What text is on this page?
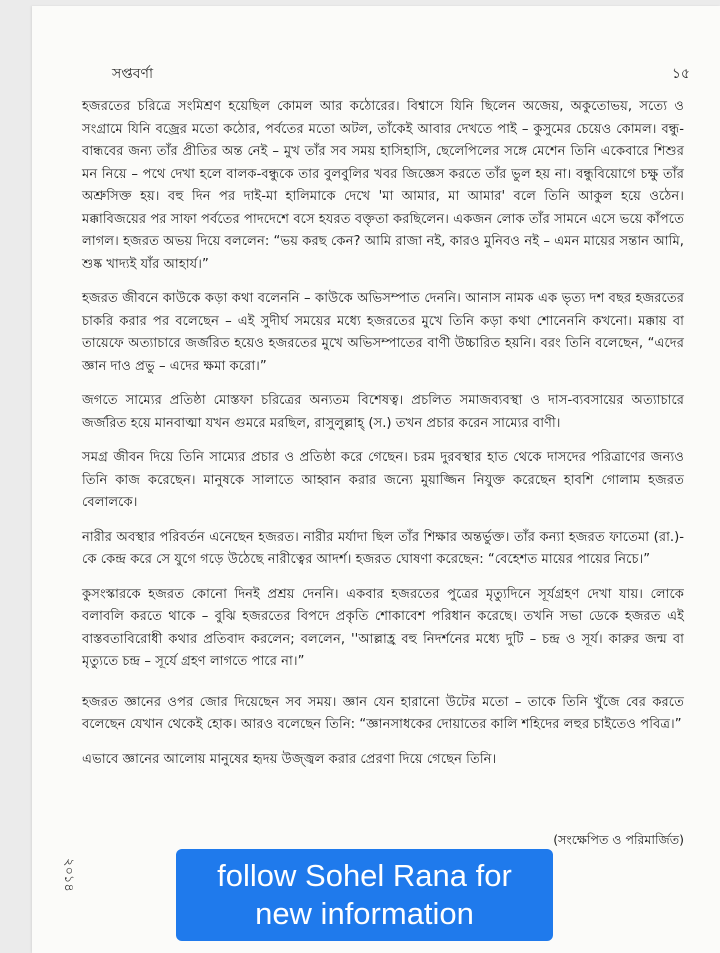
সপ্তবর্ণা	১৫

হজরতের চরিত্রে সংমিশ্রণ হয়েছিল কোমল আর কঠোরের। বিশ্বাসে যিনি ছিলেন অজেয়, অকুতোভয়, সত্যে ও সংগ্রামে যিনি বজ্রের মতো কঠোর, পর্বতের মতো অটল, তাঁকেই আবার দেখতে পাই – কুসুমের চেয়েও কোমল। বন্ধু-বান্ধবের জন্য তাঁর প্রীতির অন্ত নেই – মুখ তাঁর সব সময় হাসিহাসি, ছেলেপিলের সঙ্গে মেশেন তিনি একেবারে শিশুর মন নিয়ে – পথে দেখা হলে বালক-বন্ধুকে তার বুলবুলির খবর জিজ্ঞেস করতে তাঁর ভুল হয় না। বন্ধুবিয়োগে চক্ষু তাঁর অশ্রুসিক্ত হয়। বহু দিন পর দাই-মা হালিমাকে দেখে 'মা আমার, মা আমার' বলে তিনি আকুল হয়ে ওঠেন। মক্কাবিজয়ের পর সাফা পর্বতের পাদদেশে বসে হযরত বক্তৃতা করছিলেন। একজন লোক তাঁর সামনে এসে ভয়ে কাঁপতে লাগল। হজরত অভয় দিয়ে বললেন: “ভয় করছ কেন? আমি রাজা নই, কারও মুনিবও নই – এমন মায়ের সন্তান আমি, শুষ্ক খাদ্যই যাঁর আহার্য।”

হজরত জীবনে কাউকে কড়া কথা বলেননি – কাউকে অভিসম্পাত দেননি। আনাস নামক এক ভৃত্য দশ বছর হজরতের চাকরি করার পর বলেছেন – এই সুদীর্ঘ সময়ের মধ্যে হজরতের মুখে তিনি কড়া কথা শোনেননি কখনো। মক্কায় বা তায়েফে অত্যাচারে জর্জরিত হয়েও হজরতের মুখে অভিসম্পাতের বাণী উচ্চারিত হয়নি। বরং তিনি বলেছেন, “এদের জ্ঞান দাও প্রভু – এদের ক্ষমা করো।”

জগতে সাম্যের প্রতিষ্ঠা মোস্তফা চরিত্রের অন্যতম বিশেষত্ব। প্রচলিত সমাজব্যবস্থা ও দাস-ব্যবসায়ের অত্যাচারে জর্জরিত হয়ে মানবাত্মা যখন গুমরে মরছিল, রাসুলুল্লাহ্ (স.) তখন প্রচার করেন সাম্যের বাণী।

সমগ্র জীবন দিয়ে তিনি সাম্যের প্রচার ও প্রতিষ্ঠা করে গেছেন। চরম দুরবস্থার হাত থেকে দাসদের পরিত্রাণের জন্যও তিনি কাজ করেছেন। মানুষকে সালাতে আহ্বান করার জন্যে মুয়াজ্জিন নিযুক্ত করেছেন হাবশি গোলাম হজরত বেলালকে।

নারীর অবস্থার পরিবর্তন এনেছেন হজরত। নারীর মর্যাদা ছিল তাঁর শিক্ষার অন্তর্ভুক্ত। তাঁর কন্যা হজরত ফাতেমা (রা.)-কে কেন্দ্র করে সে যুগে গড়ে উঠেছে নারীত্বের আদর্শ। হজরত ঘোষণা করেছেন: “বেহেশত মায়ের পায়ের নিচে।”

কুসংস্কারকে হজরত কোনো দিনই প্রশ্রয় দেননি। একবার হজরতের পুত্রের মৃত্যুদিনে সূর্যগ্রহণ দেখা যায়। লোকে বলাবলি করতে থাকে – বুঝি হজরতের বিপদে প্রকৃতি শোকাবেশ পরিধান করেছে। তখনি সভা ডেকে হজরত এই বাস্তবতাবিরোধী কথার প্রতিবাদ করলেন; বললেন, ''আল্লাহ্র বহু নিদর্শনের মধ্যে দুটি – চন্দ্র ও সূর্য। কারুর জন্ম বা মৃত্যুতে চন্দ্র – সূর্যে গ্রহণ লাগতে পারে না।”

হজরত জ্ঞানের ওপর জোর দিয়েছেন সব সময়। জ্ঞান যেন হারানো উটের মতো – তাকে তিনি খুঁজে বের করতে বলেছেন যেখান থেকেই হোক। আরও বলেছেন তিনি: “জ্ঞানসাধকের দোয়াতের কালি শহিদের লহুর চাইতেও পবিত্র।”

এভাবে জ্ঞানের আলোয় মানুষের হৃদয় উজ্জ্বল করার প্রেরণা দিয়ে গেছেন তিনি।

(সংক্ষেপিত ও পরিমার্জিত)
২০১৪	follow Sohel Rana for
new information
